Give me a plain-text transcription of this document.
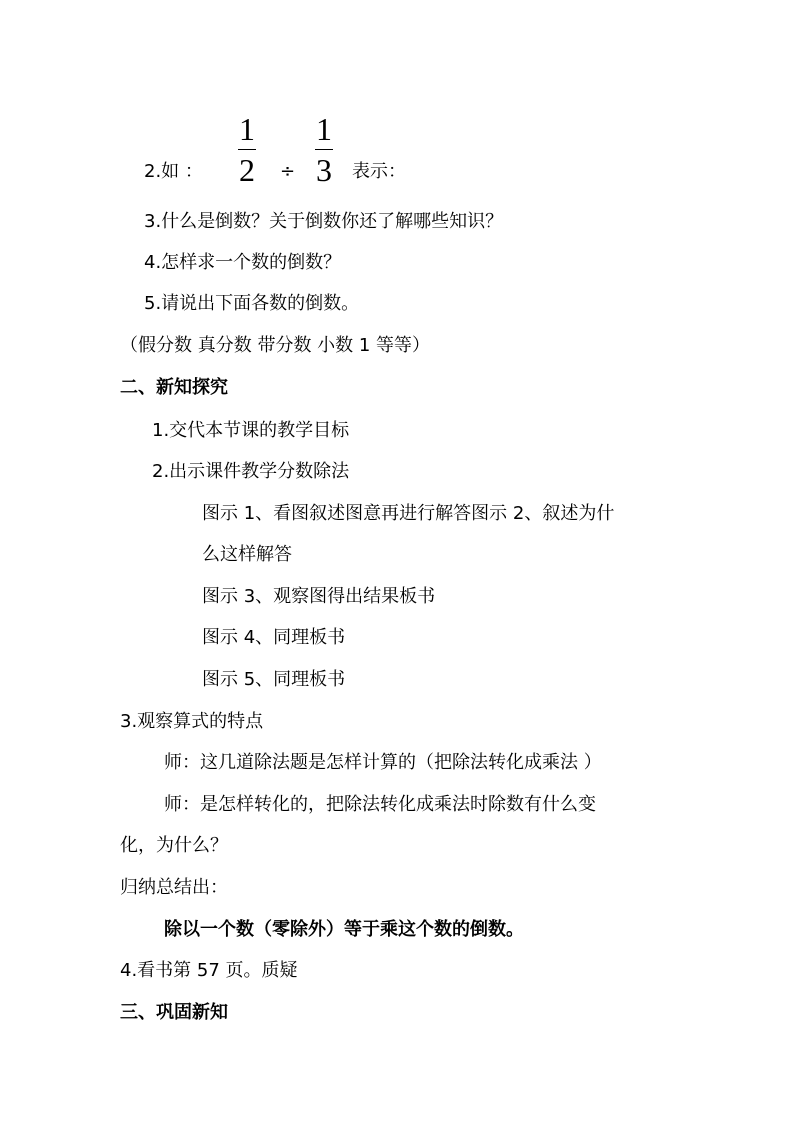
2.如 ：
1
2 ÷
1
3 表示：
3.什么是倒数？关于倒数你还了解哪些知识？
4.怎样求一个数的倒数？
5.请说出下面各数的倒数。
（假分数 真分数 带分数 小数 1 等等）
二、新知探究
1.交代本节课的教学目标
2.出示课件教学分数除法
图示 1、看图叙述图意再进行解答图示 2、叙述为什
么这样解答
图示 3、观察图得出结果板书
图示 4、同理板书
图示 5、同理板书
3.观察算式的特点
师：这几道除法题是怎样计算的（把除法转化成乘法 ）
师：是怎样转化的，把除法转化成乘法时除数有什么变
化，为什么？
归纳总结出：
除以一个数（零除外）等于乘这个数的倒数。
4.看书第 57 页。质疑
三、巩固新知
